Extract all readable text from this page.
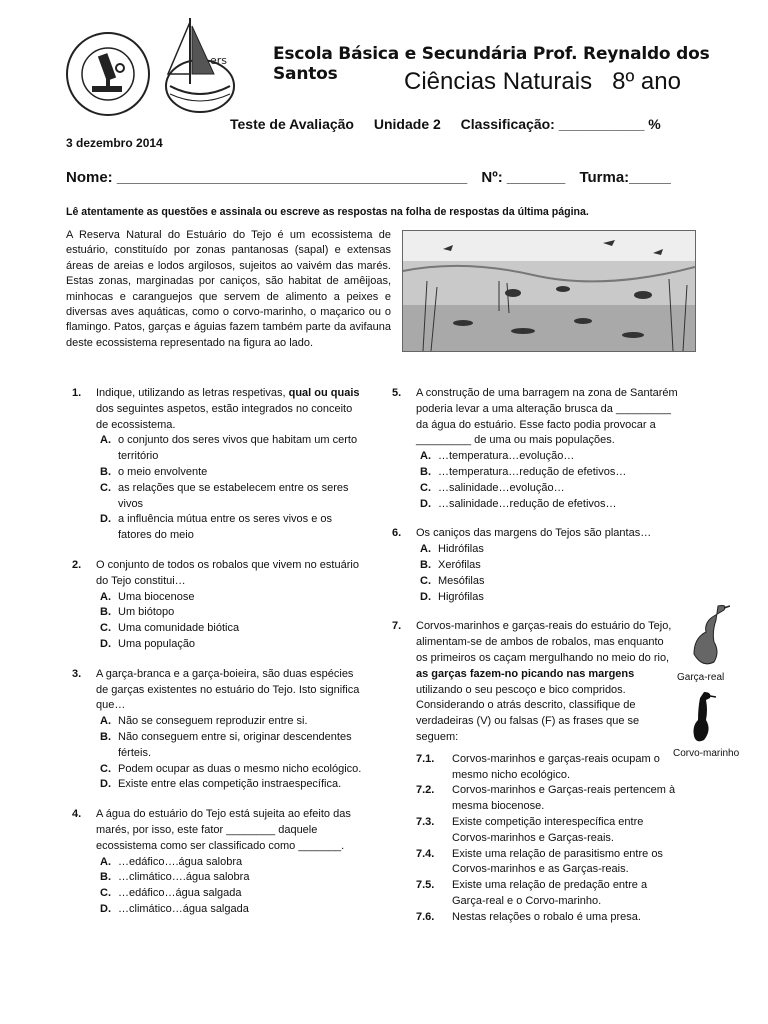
ers	Escola Básica e Secundária Prof. Reynaldo dos Santos	Ciências Naturais 8º ano
Teste de Avaliação Unidade 2 Classificação: ___________ %
3 dezembro 2014
Nome: __________________________________________ Nº: _______ Turma:_____
Lê atentamente as questões e assinala ou escreve as respostas na folha de respostas da última página.
A Reserva Natural do Estuário do Tejo é um ecossistema de estuário, constituído por zonas pantanosas (sapal) e extensas áreas de areias e lodos argilosos, sujeitos ao vaivém das marés. Estas zonas, marginadas por caniços, são habitat de amêijoas, minhocas e caranguejos que servem de alimento a peixes e diversas aves aquáticas, como o corvo-marinho, o maçarico ou o flamingo. Patos, garças e águias fazem também parte da avifauna deste ecossistema representado na figura ao lado.
1. Indique, utilizando as letras respetivas, qual ou quais dos seguintes aspetos, estão integrados no conceito de ecossistema.
A. o conjunto dos seres vivos que habitam um certo território
B. o meio envolvente
C. as relações que se estabelecem entre os seres vivos
D. a influência mútua entre os seres vivos e os fatores do meio
2. O conjunto de todos os robalos que vivem no estuário do Tejo constitui…
A. Uma biocenose
B. Um biótopo
C. Uma comunidade biótica
D. Uma população
3. A garça-branca e a garça-boieira, são duas espécies de garças existentes no estuário do Tejo. Isto significa que…
A. Não se conseguem reproduzir entre si.
B. Não conseguem entre si, originar descendentes férteis.
C. Podem ocupar as duas o mesmo nicho ecológico.
D. Existe entre elas competição instraespecífica.
4. A água do estuário do Tejo está sujeita ao efeito das marés, por isso, este fator ________ daquele ecossistema como ser classificado como _______.
A. …edáfico….água salobra
B. …climático….água salobra
C. …edáfico…água salgada
D. …climático…água salgada
5. A construção de uma barragem na zona de Santarém poderia levar a uma alteração brusca da _________ da água do estuário. Esse facto podia provocar a _________ de uma ou mais populações.
A. …temperatura…evolução…
B. …temperatura…redução de efetivos…
C. …salinidade…evolução…
D. …salinidade…redução de efetivos…
6. Os caniços das margens do Tejos são plantas…
A. Hidrófilas
B. Xerófilas
C. Mesófilas
D. Higrófilas
7. Corvos-marinhos e garças-reais do estuário do Tejo, alimentam-se de ambos de robalos, mas enquanto os primeiros os caçam mergulhando no meio do rio, as garças fazem-no picando nas margens utilizando o seu pescoço e bico compridos. Considerando o atrás descrito, classifique de verdadeiras (V) ou falsas (F) as frases que se seguem:
7.1. Corvos-marinhos e garças-reais ocupam o mesmo nicho ecológico.
7.2. Corvos-marinhos e Garças-reais pertencem à mesma biocenose.
7.3. Existe competição interespecífica entre Corvos-marinhos e Garças-reais.
7.4. Existe uma relação de parasitismo entre os Corvos-marinhos e as Garças-reais.
7.5. Existe uma relação de predação entre a Garça-real e o Corvo-marinho.
7.6. Nestas relações o robalo é uma presa.
Garça-real
Corvo-marinho
